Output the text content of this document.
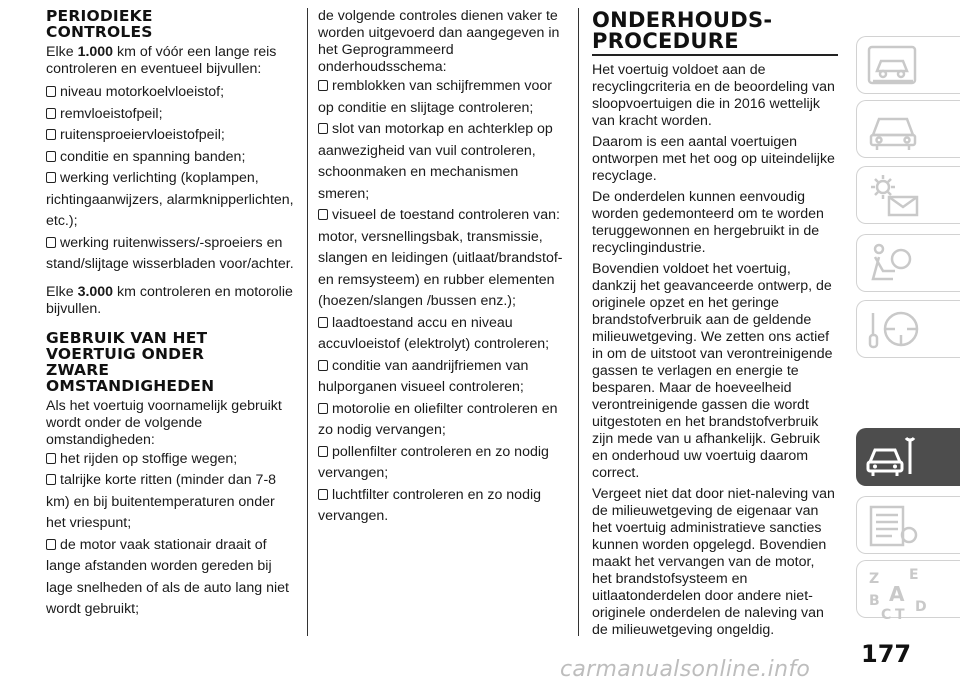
PERIODIEKE
CONTROLES

Elke 1.000 km of vóór een lange reis controleren en eventueel bijvullen:

niveau motorkoelvloeistof;
remvloeistofpeil;
ruitensproeiervloeistofpeil;
conditie en spanning banden;
werking verlichting (koplampen, richtingaanwijzers, alarmknipperlichten, etc.);
werking ruitenwissers/-sproeiers en stand/slijtage wisserbladen voor/achter.

Elke 3.000 km controleren en motorolie bijvullen.

GEBRUIK VAN HET
VOERTUIG ONDER
ZWARE
OMSTANDIGHEDEN

Als het voertuig voornamelijk gebruikt wordt onder de volgende omstandigheden:

het rijden op stoffige wegen;
talrijke korte ritten (minder dan 7-8 km) en bij buitentemperaturen onder het vriespunt;
de motor vaak stationair draait of lange afstanden worden gereden bij lage snelheden of als de auto lang niet wordt gebruikt;

de volgende controles dienen vaker te worden uitgevoerd dan aangegeven in het Geprogrammeerd onderhoudsschema:

remblokken van schijfremmen voor op conditie en slijtage controleren;
slot van motorkap en achterklep op aanwezigheid van vuil controleren, schoonmaken en mechanismen smeren;
visueel de toestand controleren van: motor, versnellingsbak, transmissie, slangen en leidingen (uitlaat/brandstof- en remsysteem) en rubber elementen (hoezen/slangen /bussen enz.);
laadtoestand accu en niveau accuvloeistof (elektrolyt) controleren;
conditie van aandrijfriemen van hulporganen visueel controleren;
motorolie en oliefilter controleren en zo nodig vervangen;
pollenfilter controleren en zo nodig vervangen;
luchtfilter controleren en zo nodig vervangen.
ONDERHOUDS-
PROCEDURE

Het voertuig voldoet aan de recyclingcriteria en de beoordeling van sloopvoertuigen die in 2016 wettelijk van kracht worden.

Daarom is een aantal voertuigen ontworpen met het oog op uiteindelijke recyclage.

De onderdelen kunnen eenvoudig worden gedemonteerd om te worden teruggewonnen en hergebruikt in de recyclingindustrie.

Bovendien voldoet het voertuig, dankzij het geavanceerde ontwerp, de originele opzet en het geringe brandstofverbruik aan de geldende milieuwetgeving. We zetten ons actief in om de uitstoot van verontreinigende gassen te verlagen en energie te besparen. Maar de hoeveelheid verontreinigende gassen die wordt uitgestoten en het brandstofverbruik zijn mede van u afhankelijk. Gebruik en onderhoud uw voertuig daarom correct.

Vergeet niet dat door niet-naleving van de milieuwetgeving de eigenaar van het voertuig administratieve sancties kunnen worden opgelegd. Bovendien maakt het vervangen van de motor, het brandstofsysteem en uitlaatonderdelen door andere niet-originele onderdelen de naleving van de milieuwetgeving ongeldig.

Z E
B A
C T D
177
carmanualsonline.info
